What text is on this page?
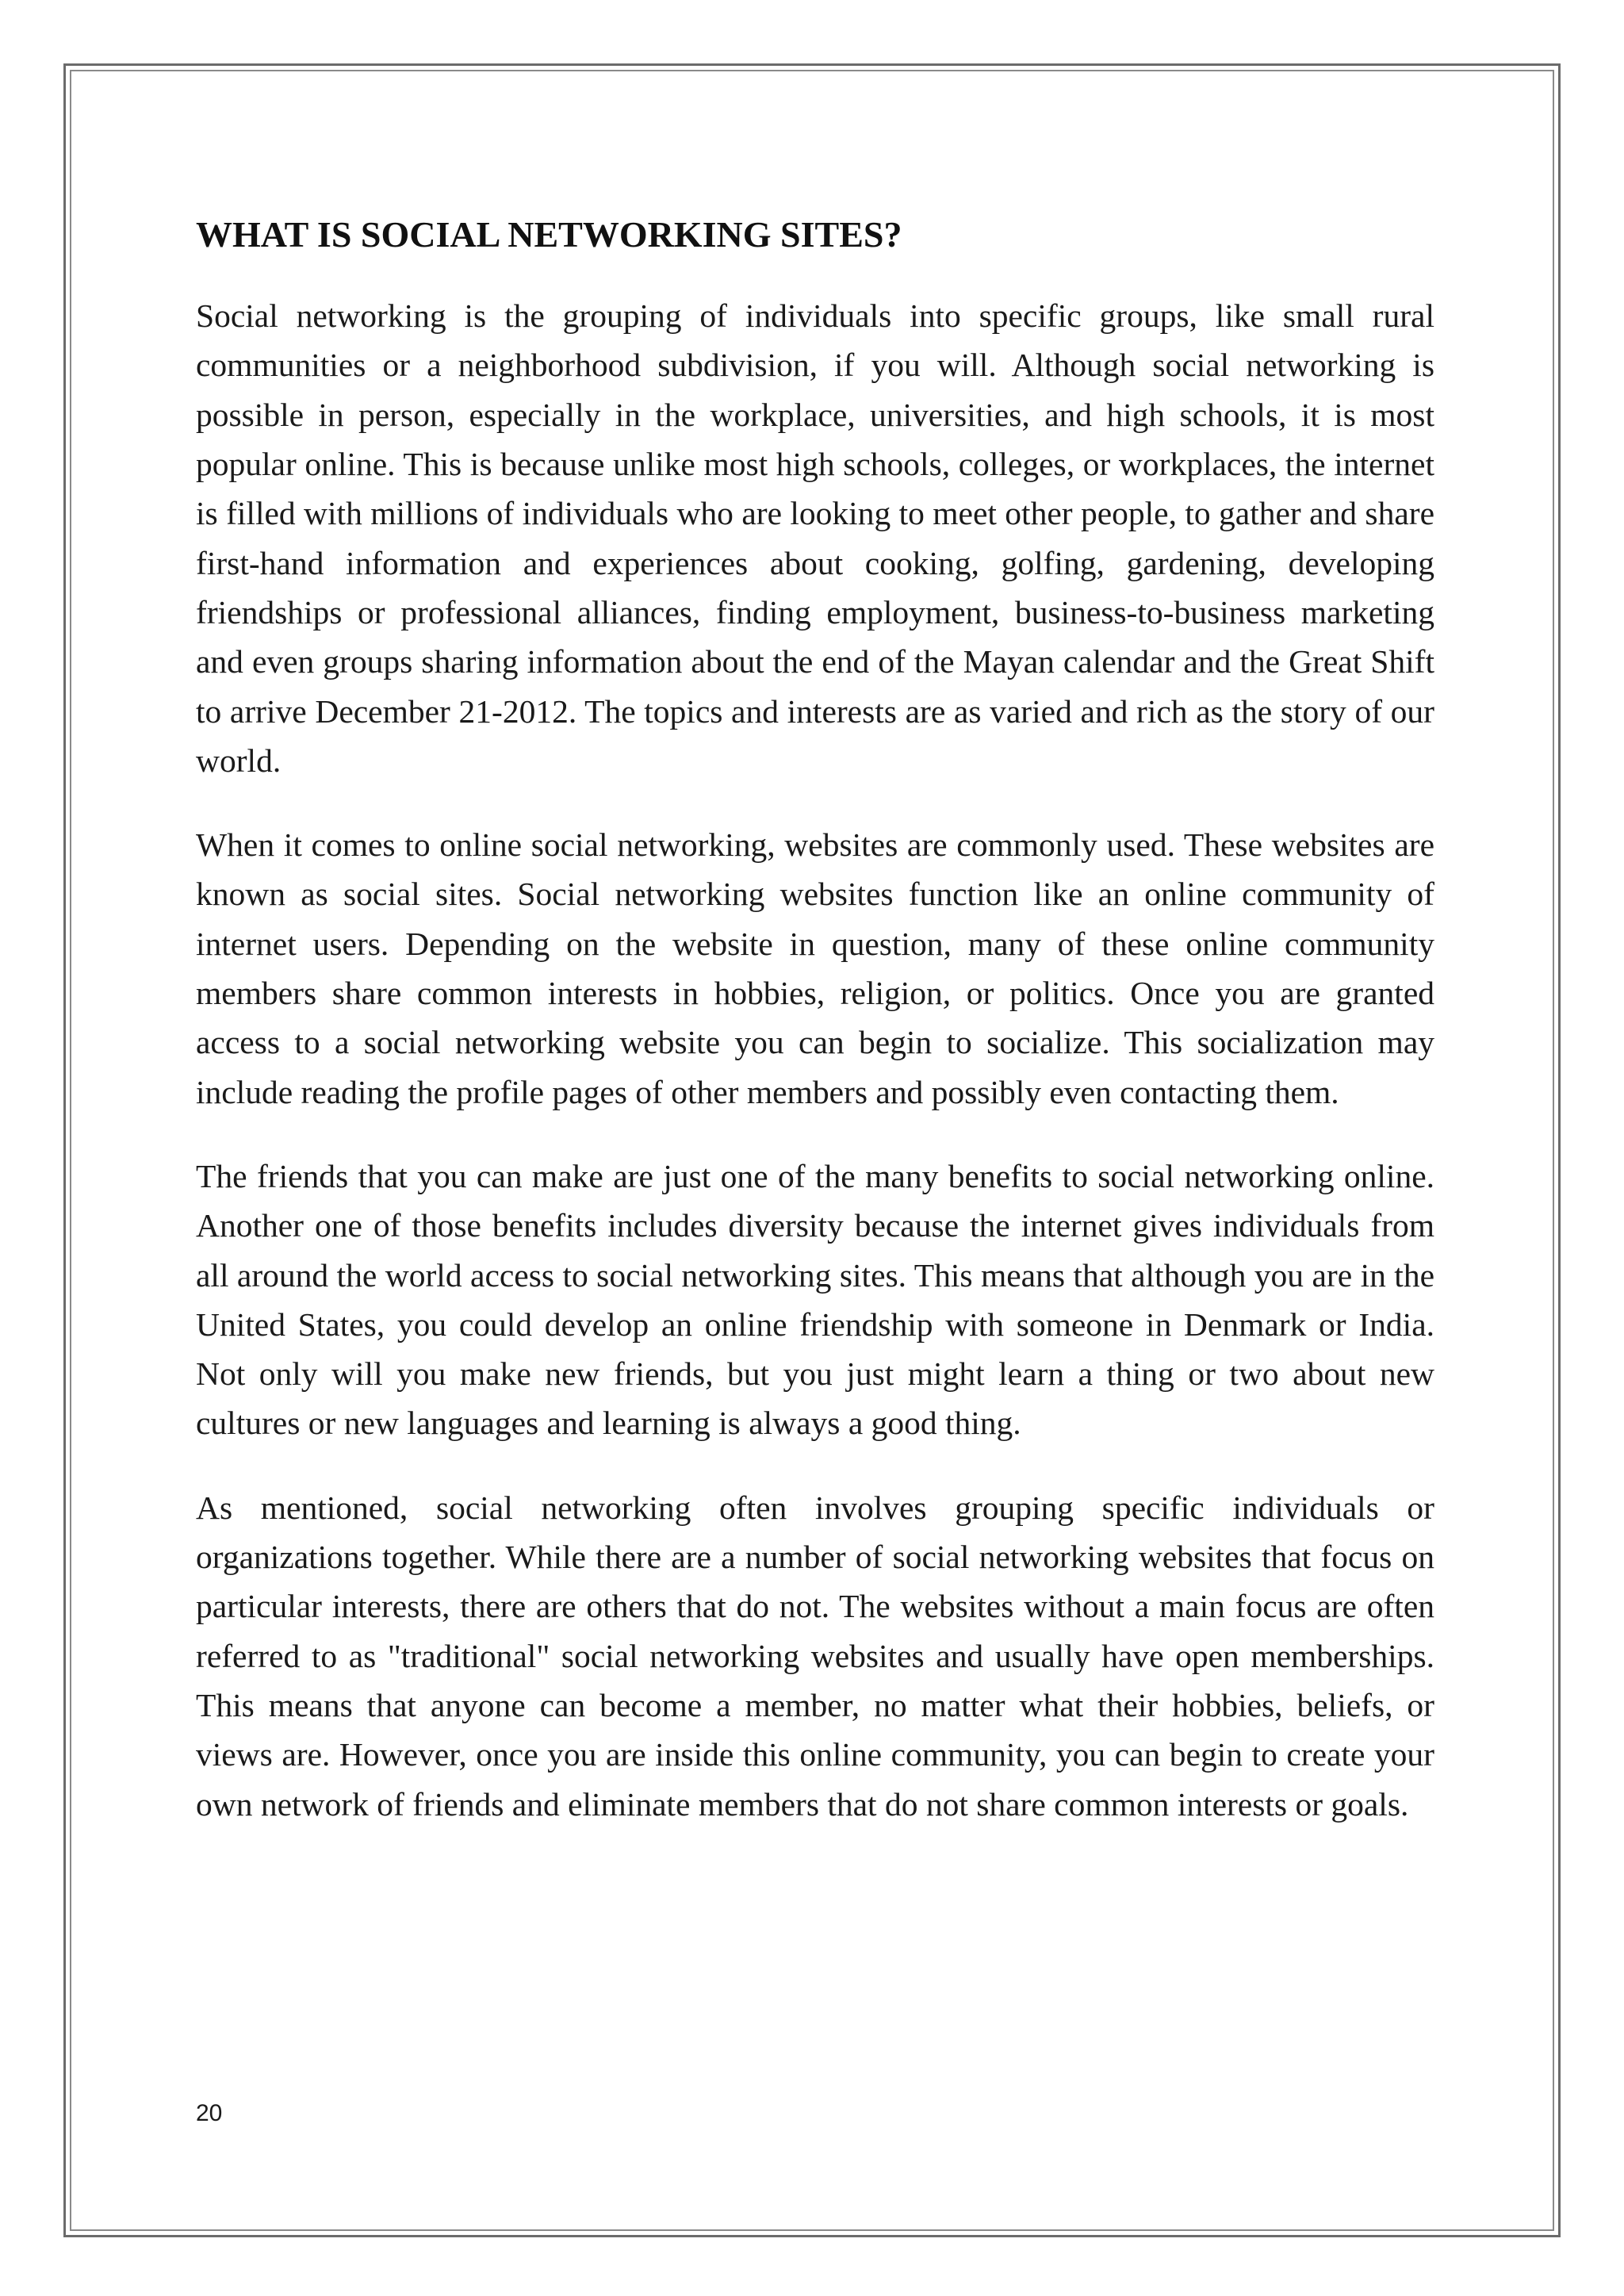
WHAT IS SOCIAL NETWORKING SITES?

Social networking is the grouping of individuals into specific groups, like small rural communities or a neighborhood subdivision, if you will. Although social networking is possible in person, especially in the workplace, universities, and high schools, it is most popular online. This is because unlike most high schools, colleges, or workplaces, the internet is filled with millions of individuals who are looking to meet other people, to gather and share first-hand information and experiences about cooking, golfing, gardening, developing friendships or professional alliances, finding employment, business-to-business marketing and even groups sharing information about the end of the Mayan calendar and the Great Shift to arrive December 21-2012. The topics and interests are as varied and rich as the story of our world.

When it comes to online social networking, websites are commonly used. These websites are known as social sites. Social networking websites function like an online community of internet users. Depending on the website in question, many of these online community members share common interests in hobbies, religion, or politics. Once you are granted access to a social networking website you can begin to socialize. This socialization may include reading the profile pages of other members and possibly even contacting them.

The friends that you can make are just one of the many benefits to social networking online. Another one of those benefits includes diversity because the internet gives individuals from all around the world access to social networking sites. This means that although you are in the United States, you could develop an online friendship with someone in Denmark or India. Not only will you make new friends, but you just might learn a thing or two about new cultures or new languages and learning is always a good thing.

As mentioned, social networking often involves grouping specific individuals or organizations together. While there are a number of social networking websites that focus on particular interests, there are others that do not. The websites without a main focus are often referred to as "traditional" social networking websites and usually have open memberships. This means that anyone can become a member, no matter what their hobbies, beliefs, or views are. However, once you are inside this online community, you can begin to create your own network of friends and eliminate members that do not share common interests or goals.

20
